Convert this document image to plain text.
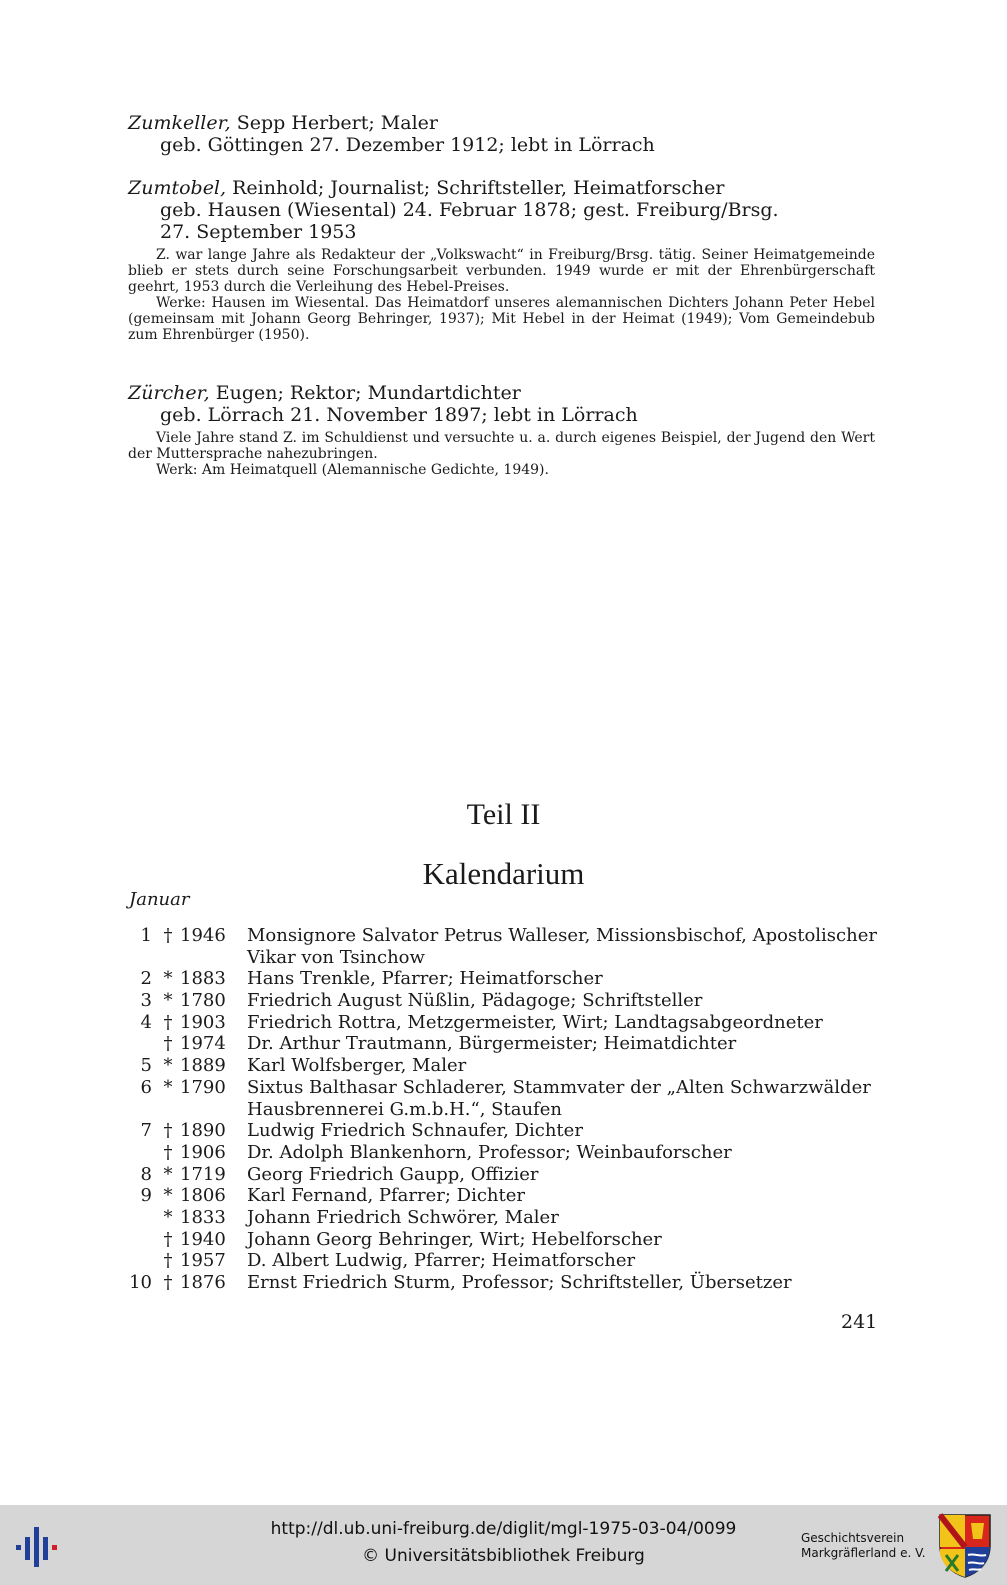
Zumkeller, Sepp Herbert; Maler
geb. Göttingen 27. Dezember 1912; lebt in Lörrach
Zumtobel, Reinhold; Journalist; Schriftsteller, Heimatforscher
geb. Hausen (Wiesental) 24. Februar 1878; gest. Freiburg/Brsg.
27. September 1953
Z. war lange Jahre als Redakteur der „Volkswacht“ in Freiburg/Brsg. tätig. Seiner Heimatgemeinde blieb er stets durch seine Forschungsarbeit verbunden. 1949 wurde er mit der Ehrenbürgerschaft geehrt, 1953 durch die Verleihung des Hebel-Preises.
Werke: Hausen im Wiesental. Das Heimatdorf unseres alemannischen Dichters Johann Peter Hebel (gemeinsam mit Johann Georg Behringer, 1937); Mit Hebel in der Heimat (1949); Vom Gemeindebub zum Ehrenbürger (1950).
Zürcher, Eugen; Rektor; Mundartdichter
geb. Lörrach 21. November 1897; lebt in Lörrach
Viele Jahre stand Z. im Schuldienst und versuchte u. a. durch eigenes Beispiel, der Jugend den Wert der Muttersprache nahezubringen.
Werk: Am Heimatquell (Alemannische Gedichte, 1949).
Teil II
Kalendarium
Januar
1 † 1946 Monsignore Salvator Petrus Walleser, Missionsbischof, Apostolischer Vikar von Tsinchow
2 * 1883 Hans Trenkle, Pfarrer; Heimatforscher
3 * 1780 Friedrich August Nüßlin, Pädagoge; Schriftsteller
4 † 1903 Friedrich Rottra, Metzgermeister, Wirt; Landtagsabgeordneter
† 1974 Dr. Arthur Trautmann, Bürgermeister; Heimatdichter
5 * 1889 Karl Wolfsberger, Maler
6 * 1790 Sixtus Balthasar Schladerer, Stammvater der „Alten Schwarzwälder Hausbrennerei G.m.b.H.“, Staufen
7 † 1890 Ludwig Friedrich Schnaufer, Dichter
† 1906 Dr. Adolph Blankenhorn, Professor; Weinbauforscher
8 * 1719 Georg Friedrich Gaupp, Offizier
9 * 1806 Karl Fernand, Pfarrer; Dichter
* 1833 Johann Friedrich Schwörer, Maler
† 1940 Johann Georg Behringer, Wirt; Hebelforscher
† 1957 D. Albert Ludwig, Pfarrer; Heimatforscher
10 † 1876 Ernst Friedrich Sturm, Professor; Schriftsteller, Übersetzer
241
http://dl.ub.uni-freiburg.de/diglit/mgl-1975-03-04/0099
© Universitätsbibliothek Freiburg
Geschichtsverein
Markgräflerland e. V.
